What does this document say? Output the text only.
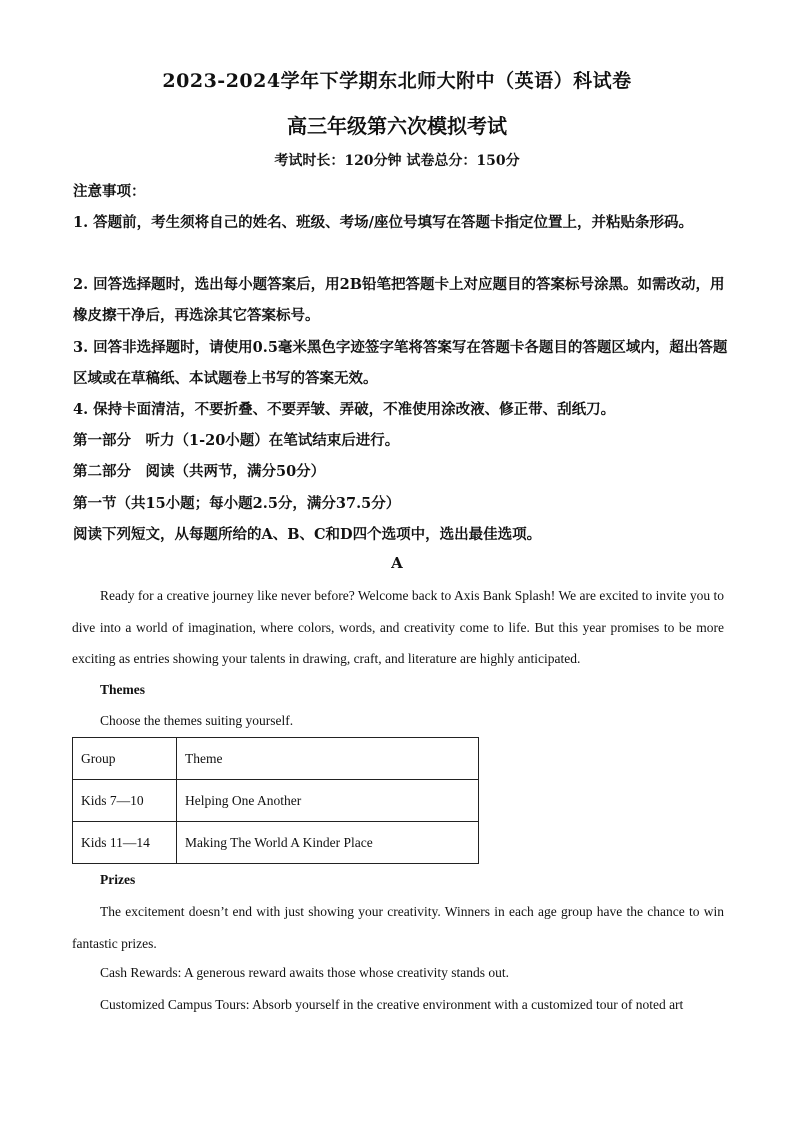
2023-2024学年下学期东北师大附中（英语）科试卷
高三年级第六次模拟考试
考试时长：120分钟 试卷总分：150分
注意事项：
1. 答题前，考生须将自己的姓名、班级、考场/座位号填写在答题卡指定位置上，并粘贴条形码。
2. 回答选择题时，选出每小题答案后，用2B铅笔把答题卡上对应题目的答案标号涂黑。如需改动，用橡皮擦干净后，再选涂其它答案标号。
3. 回答非选择题时，请使用0.5毫米黑色字迹签字笔将答案写在答题卡各题目的答题区域内，超出答题区域或在草稿纸、本试题卷上书写的答案无效。
4. 保持卡面清洁，不要折叠、不要弄皱、弄破，不准使用涂改液、修正带、刮纸刀。
第一部分　听力（1-20小题）在笔试结束后进行。
第二部分　阅读（共两节，满分50分）
第一节（共15小题；每小题2.5分，满分37.5分）
阅读下列短文，从每题所给的A、B、C和D四个选项中，选出最佳选项。
A
Ready for a creative journey like never before? Welcome back to Axis Bank Splash! We are excited to invite you to dive into a world of imagination, where colors, words, and creativity come to life. But this year promises to be more exciting as entries showing your talents in drawing, craft, and literature are highly anticipated.
Themes
Choose the themes suiting yourself.
Group	Theme
Kids 7—10	Helping One Another
Kids 11—14	Making The World A Kinder Place
Prizes
The excitement doesn’t end with just showing your creativity. Winners in each age group have the chance to win fantastic prizes.
Cash Rewards: A generous reward awaits those whose creativity stands out.
Customized Campus Tours: Absorb yourself in the creative environment with a customized tour of noted art
